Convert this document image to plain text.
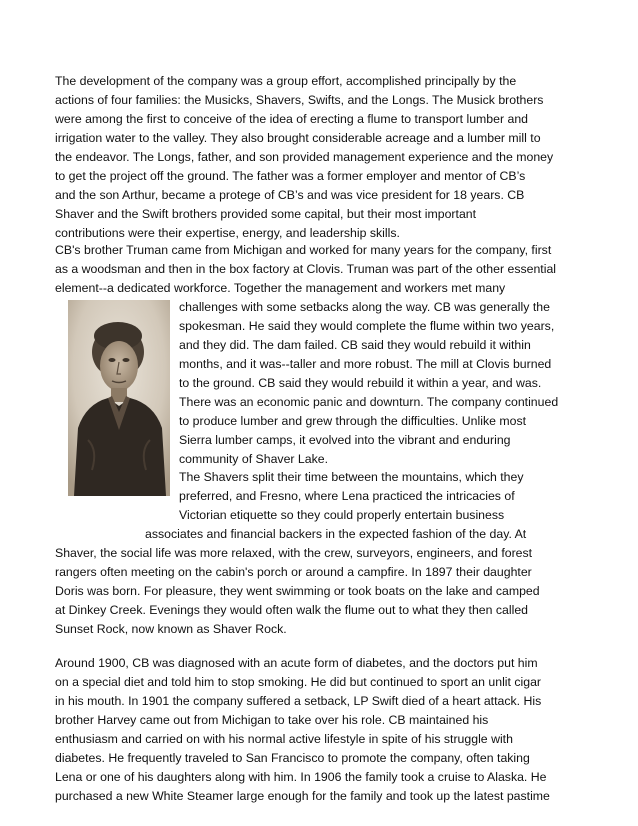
The development of the company was a group effort, accomplished principally by the
actions of four families: the Musicks, Shavers, Swifts, and the Longs. The Musick brothers
were among the first to conceive of the idea of erecting a flume to transport lumber and
irrigation water to the valley. They also brought considerable acreage and a lumber mill to
the endeavor. The Longs, father, and son provided management experience and the money
to get the project off the ground. The father was a former employer and mentor of CB’s
and the son Arthur, became a protege of CB’s and was vice president for 18 years. CB
Shaver and the Swift brothers provided some capital, but their most important
contributions were their expertise, energy, and leadership skills.
CB's brother Truman came from Michigan and worked for many years for the company, first
as a woodsman and then in the box factory at Clovis. Truman was part of the other essential
element--a dedicated workforce. Together the management and workers met many
challenges with some setbacks along the way. CB was generally the
spokesman. He said they would complete the flume within two years,
and they did. The dam failed. CB said they would rebuild it within
months, and it was--taller and more robust. The mill at Clovis burned
to the ground. CB said they would rebuild it within a year, and was.
There was an economic panic and downturn. The company continued
to produce lumber and grew through the difficulties. Unlike most
Sierra lumber camps, it evolved into the vibrant and enduring
community of Shaver Lake.
The Shavers split their time between the mountains, which they
preferred, and Fresno, where Lena practiced the intricacies of
Victorian etiquette so they could properly entertain business
associates and financial backers in the expected fashion of the day. At
Shaver, the social life was more relaxed, with the crew, surveyors, engineers, and forest
rangers often meeting on the cabin's porch or around a campfire. In 1897 their daughter
Doris was born. For pleasure, they went swimming or took boats on the lake and camped
at Dinkey Creek. Evenings they would often walk the flume out to what they then called
Sunset Rock, now known as Shaver Rock.
Around 1900, CB was diagnosed with an acute form of diabetes, and the doctors put him
on a special diet and told him to stop smoking. He did but continued to sport an unlit cigar
in his mouth. In 1901 the company suffered a setback, LP Swift died of a heart attack. His
brother Harvey came out from Michigan to take over his role. CB maintained his
enthusiasm and carried on with his normal active lifestyle in spite of his struggle with
diabetes. He frequently traveled to San Francisco to promote the company, often taking
Lena or one of his daughters along with him. In 1906 the family took a cruise to Alaska. He
purchased a new White Steamer large enough for the family and took up the latest pastime
